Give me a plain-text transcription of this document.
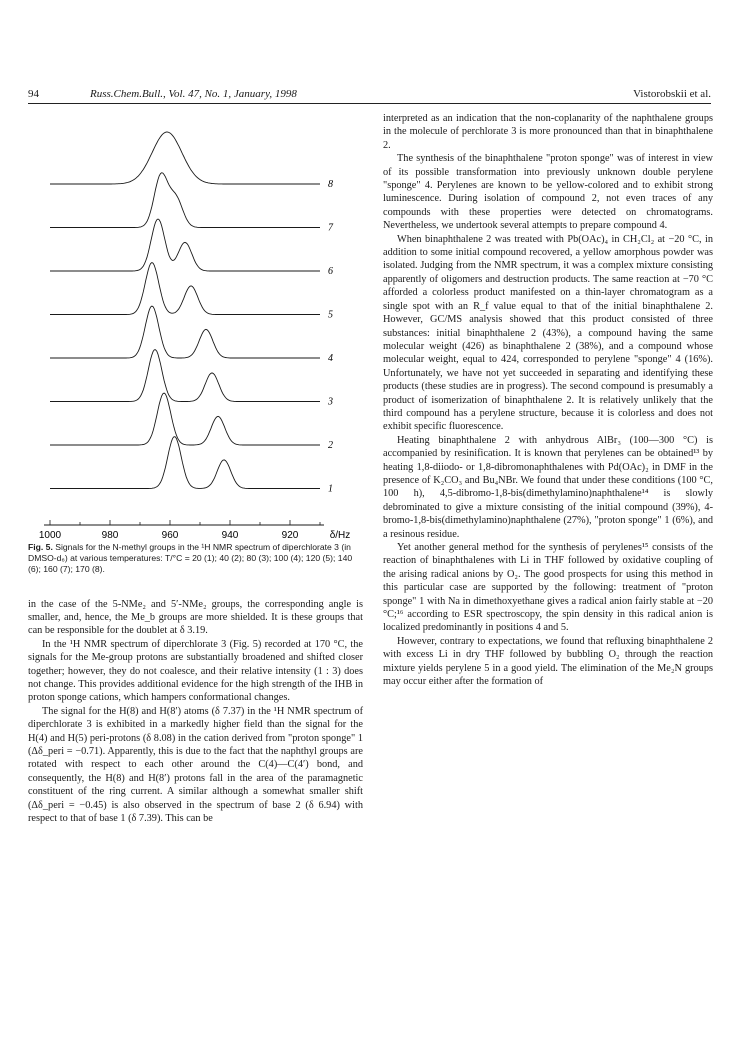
94	Russ.Chem.Bull., Vol. 47, No. 1, January, 1998	Vistorobskii et al.
8
7
6
5
4
3
2
1
1000	980	960	940	920	δ/Hz
Fig. 5. Signals for the N-methyl groups in the ¹H NMR spectrum of diperchlorate 3 (in DMSO-d₆) at various temperatures: T/°C = 20 (1); 40 (2); 80 (3); 100 (4); 120 (5); 140 (6); 160 (7); 170 (8).

in the case of the 5-NMe₂ and 5′-NMe₂ groups, the corresponding angle is smaller, and, hence, the Me_b groups are more shielded. It is these groups that can be responsible for the doublet at δ 3.19.

In the ¹H NMR spectrum of diperchlorate 3 (Fig. 5) recorded at 170 °C, the signals for the Me-group protons are substantially broadened and shifted closer together; however, they do not coalesce, and their relative intensity (1 : 3) does not change. This provides additional evidence for the high strength of the IHB in proton sponge cations, which hampers conformational changes.

The signal for the H(8) and H(8′) atoms (δ 7.37) in the ¹H NMR spectrum of diperchlorate 3 is exhibited in a markedly higher field than the signal for the H(4) and H(5) peri-protons (δ 8.08) in the cation derived from "proton sponge" 1 (Δδ_peri = −0.71). Apparently, this is due to the fact that the naphthyl groups are rotated with respect to each other around the C(4)—C(4′) bond, and consequently, the H(8) and H(8′) protons fall in the area of the paramagnetic constituent of the ring current. A similar although a somewhat smaller shift (Δδ_peri = −0.45) is also observed in the spectrum of base 2 (δ 6.94) with respect to that of base 1 (δ 7.39). This can be

interpreted as an indication that the non-coplanarity of the naphthalene groups in the molecule of perchlorate 3 is more pronounced than that in binaphthalene 2.

The synthesis of the binaphthalene "proton sponge" was of interest in view of its possible transformation into previously unknown double perylene "sponge" 4. Perylenes are known to be yellow-colored and to exhibit strong luminescence. During isolation of compound 2, not even traces of any compounds with these properties were detected on chromatograms. Nevertheless, we undertook several attempts to prepare compound 4.

When binaphthalene 2 was treated with Pb(OAc)₄ in CH₂Cl₂ at −20 °C, in addition to some initial compound recovered, a yellow amorphous powder was isolated. Judging from the NMR spectrum, it was a complex mixture consisting apparently of oligomers and destruction products. The same reaction at −70 °C afforded a colorless product manifested on a thin-layer chromatogram as a single spot with an R_f value equal to that of the initial binaphthalene 2. However, GC/MS analysis showed that this product consisted of three substances: initial binaphthalene 2 (43%), a compound having the same molecular weight (426) as binaphthalene 2 (38%), and a compound whose molecular weight, equal to 424, corresponded to perylene "sponge" 4 (16%). Unfortunately, we have not yet succeeded in separating and identifying these products (these studies are in progress). The second compound is presumably a product of isomerization of binaphthalene 2. It is relatively unlikely that the third compound has a perylene structure, because it is colorless and does not exhibit specific fluorescence.

Heating binaphthalene 2 with anhydrous AlBr₃ (100—300 °C) is accompanied by resinification. It is known that perylenes can be obtained¹³ by heating 1,8-diiodo- or 1,8-dibromonaphthalenes with Pd(OAc)₂ in DMF in the presence of K₂CO₃ and Bu₄NBr. We found that under these conditions (100 °C, 100 h), 4,5-dibromo-1,8-bis(dimethylamino)naphthalene¹⁴ is slowly debrominated to give a mixture consisting of the initial compound (39%), 4-bromo-1,8-bis(dimethylamino)naphthalene (27%), "proton sponge" 1 (6%), and a resinous residue.

Yet another general method for the synthesis of perylenes¹⁵ consists of the reaction of binaphthalenes with Li in THF followed by oxidative coupling of the arising radical anions by O₂. The good prospects for using this method in this particular case are supported by the following: treatment of "proton sponge" 1 with Na in dimethoxyethane gives a radical anion fairly stable at −20 °C;¹⁶ according to ESR spectroscopy, the spin density in this radical anion is localized predominantly in positions 4 and 5.

However, contrary to expectations, we found that refluxing binaphthalene 2 with excess Li in dry THF followed by bubbling O₂ through the reaction mixture yields perylene 5 in a good yield. The elimination of the Me₂N groups may occur either after the formation of
